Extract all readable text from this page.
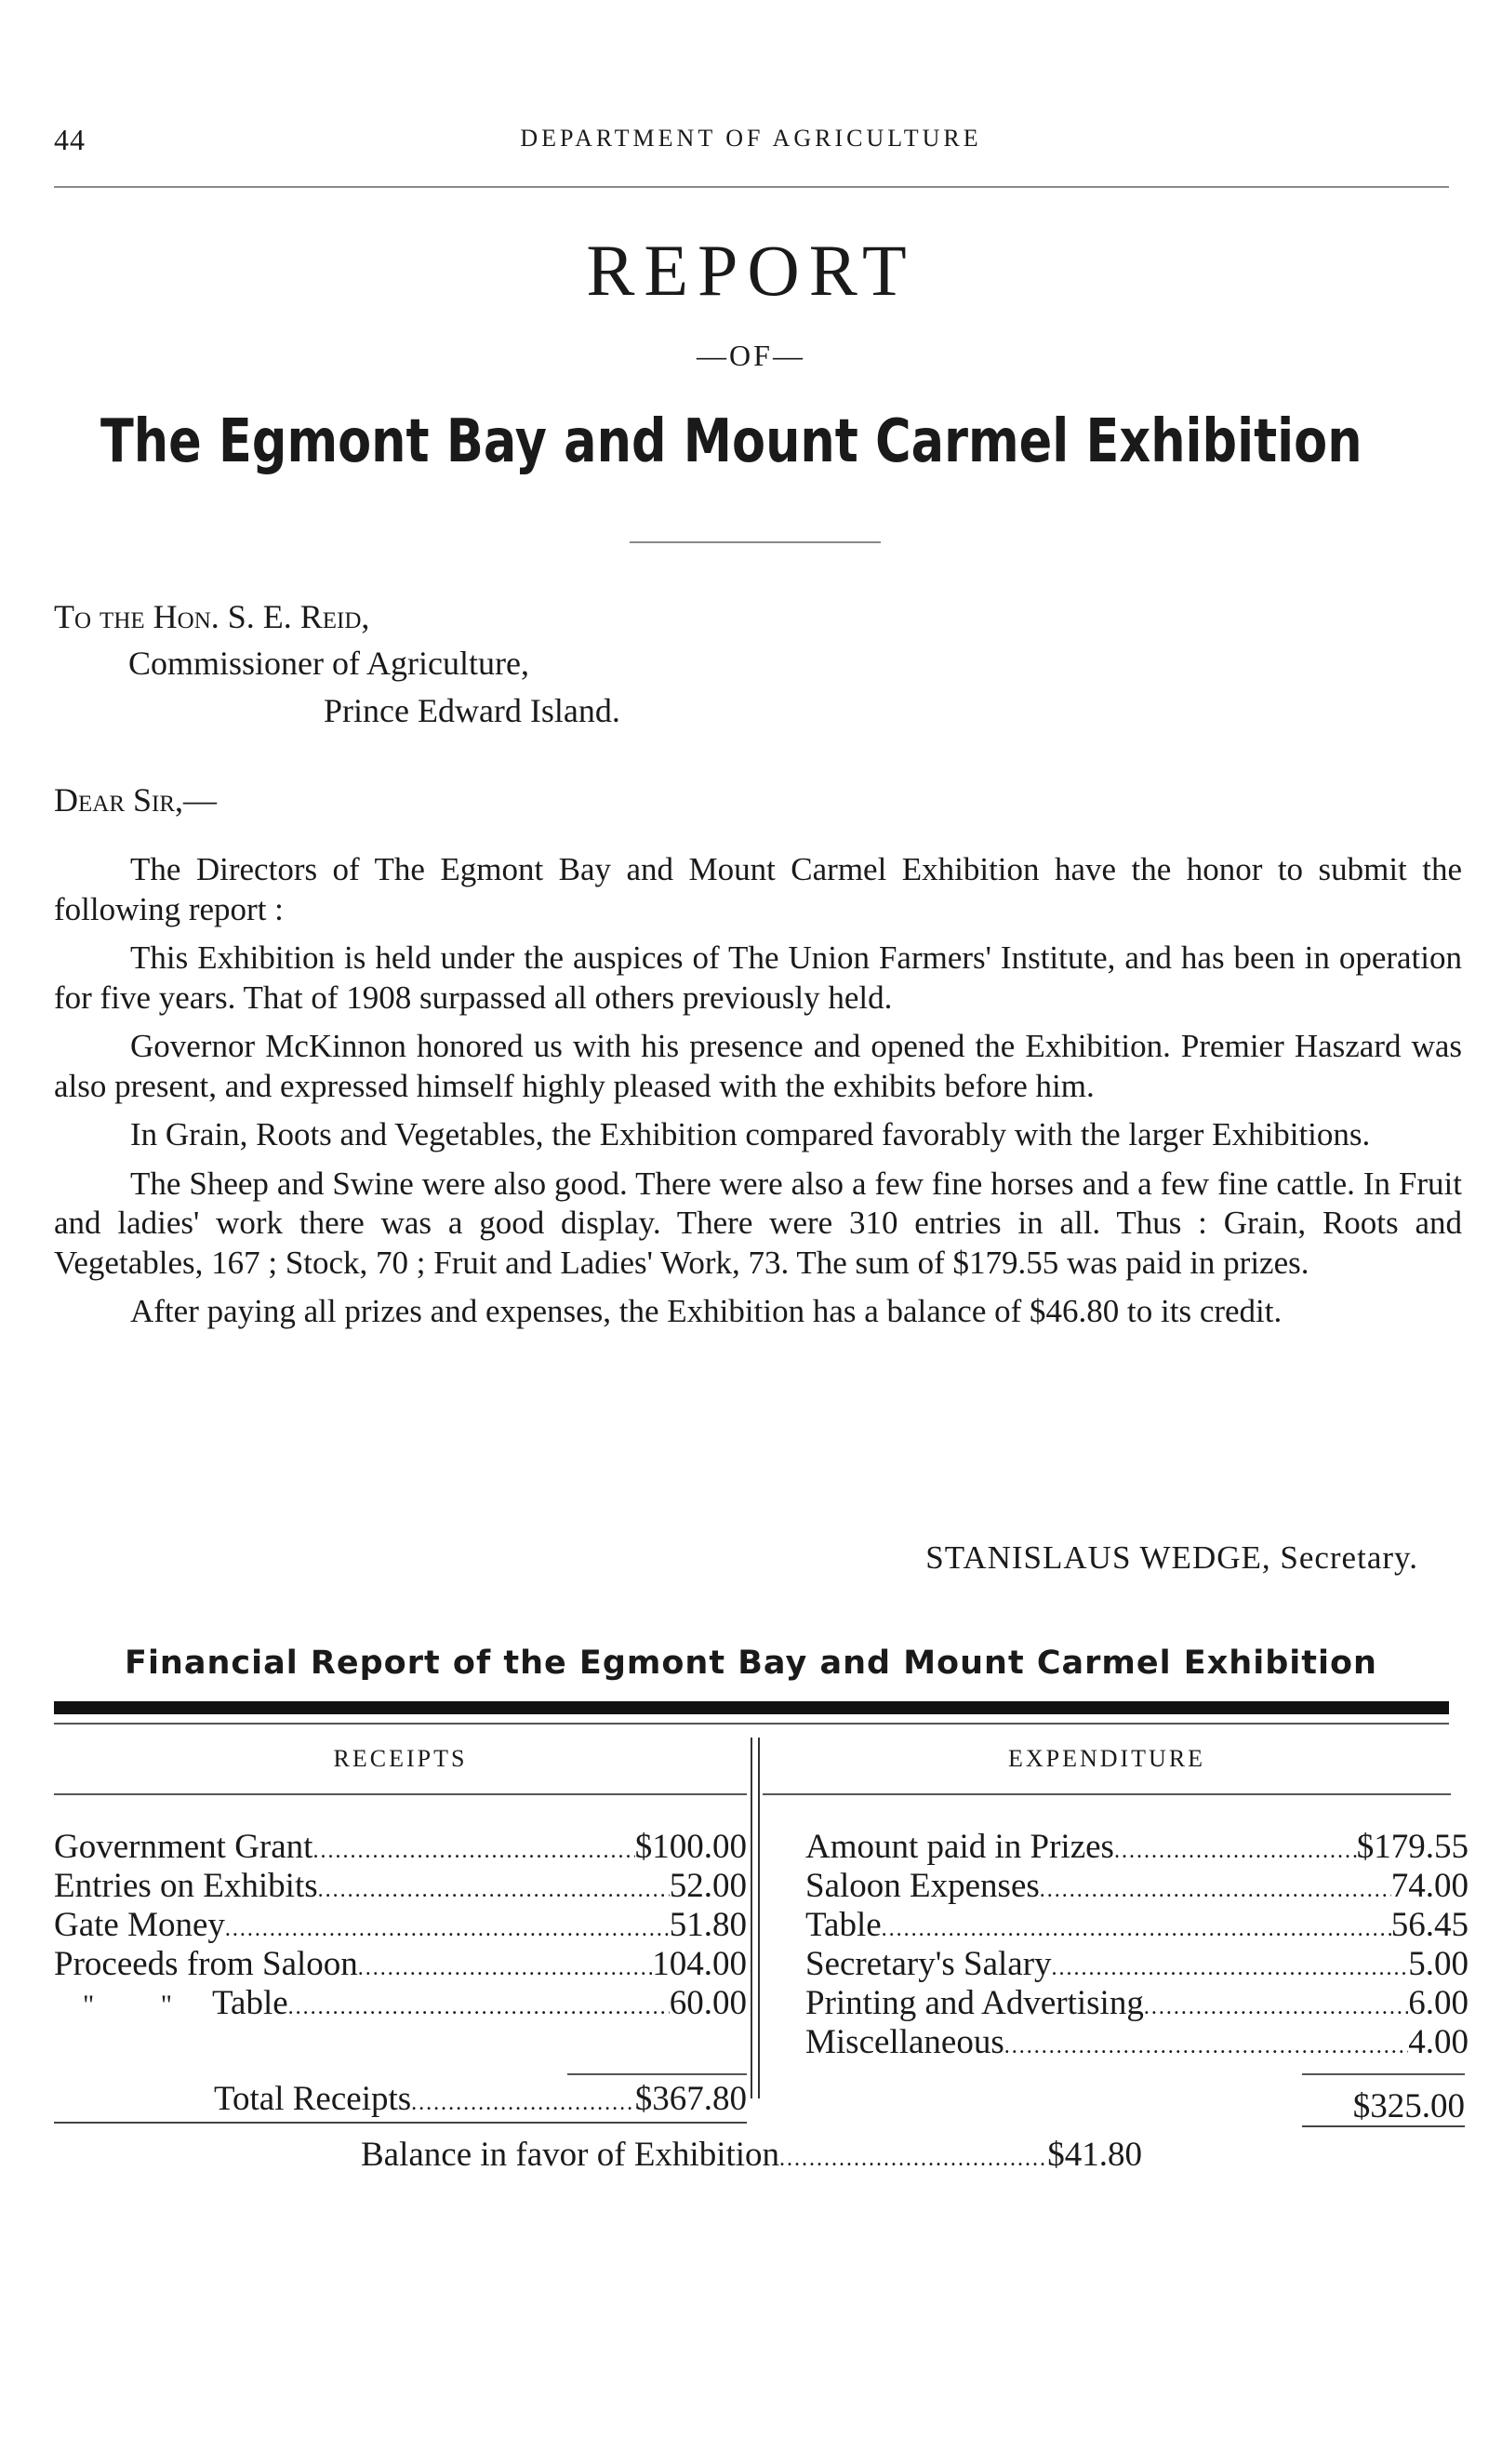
44	DEPARTMENT OF AGRICULTURE
REPORT
—OF—
The Egmont Bay and Mount Carmel Exhibition
To the Hon. S. E. Reid,
Commissioner of Agriculture,
Prince Edward Island.
Dear Sir,—

The Directors of The Egmont Bay and Mount Carmel Exhibition have the honor to submit the following report :

This Exhibition is held under the auspices of The Union Farmers' Institute, and has been in operation for five years. That of 1908 surpassed all others previously held.

Governor McKinnon honored us with his presence and opened the Exhibition. Premier Haszard was also present, and expressed himself highly pleased with the exhibits before him.

In Grain, Roots and Vegetables, the Exhibition compared favorably with the larger Exhibitions.

The Sheep and Swine were also good. There were also a few fine horses and a few fine cattle. In Fruit and ladies' work there was a good display. There were 310 entries in all. Thus : Grain, Roots and Vegetables, 167 ; Stock, 70 ; Fruit and Ladies' Work, 73. The sum of $179.55 was paid in prizes.

After paying all prizes and expenses, the Exhibition has a balance of $46.80 to its credit.

STANISLAUS WEDGE, Secretary.
Financial Report of the Egmont Bay and Mount Carmel Exhibition
RECEIPTS	EXPENDITURE
Government Grant .....	$100.00
Entries on Exhibits .....	52.00
Gate Money .....	51.80
Proceeds from Saloon .....	104.00
" " Table .....	60.00
Amount paid in Prizes .....	$179.55
Saloon Expenses .....	74.00
Table .....	56.45
Secretary's Salary .....	5.00
Printing and Advertising .....	6.00
Miscellaneous .....	4.00
Total Receipts .....	$367.80	$325.00
Balance in favor of Exhibition .....	$41.80
